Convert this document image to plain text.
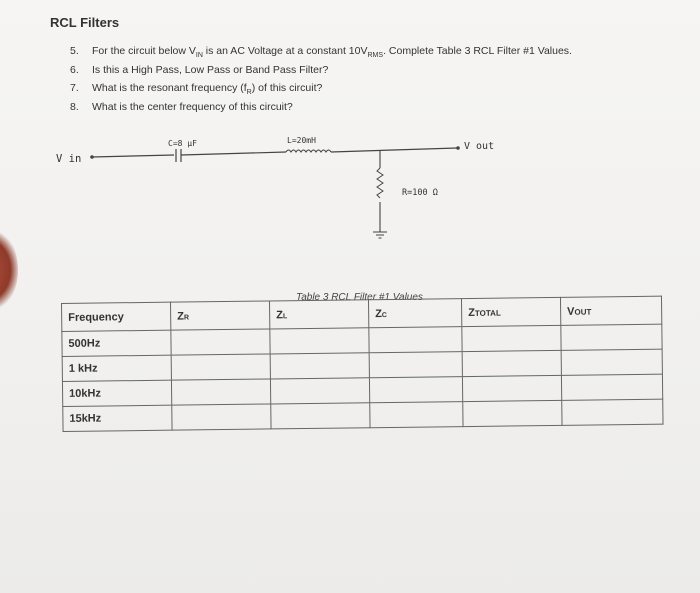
RCL Filters
5. For the circuit below $V_{IN}$ is an AC Voltage at a constant $10V_{RMS}$. Complete Table 3 RCL Filter #1 Values.
6. Is this a High Pass, Low Pass or Band Pass Filter?
7. What is the resonant frequency $(f_R)$ of this circuit?
8. What is the center frequency of this circuit?
V in
C=8 µF	L=20mH
V out
R=100 Ω
Table 3 RCL Filter #1 Values
Frequency	ZR	ZL	ZC	ZTOTAL	VOUT
500Hz					
1 kHz					
10kHz					
15kHz					
